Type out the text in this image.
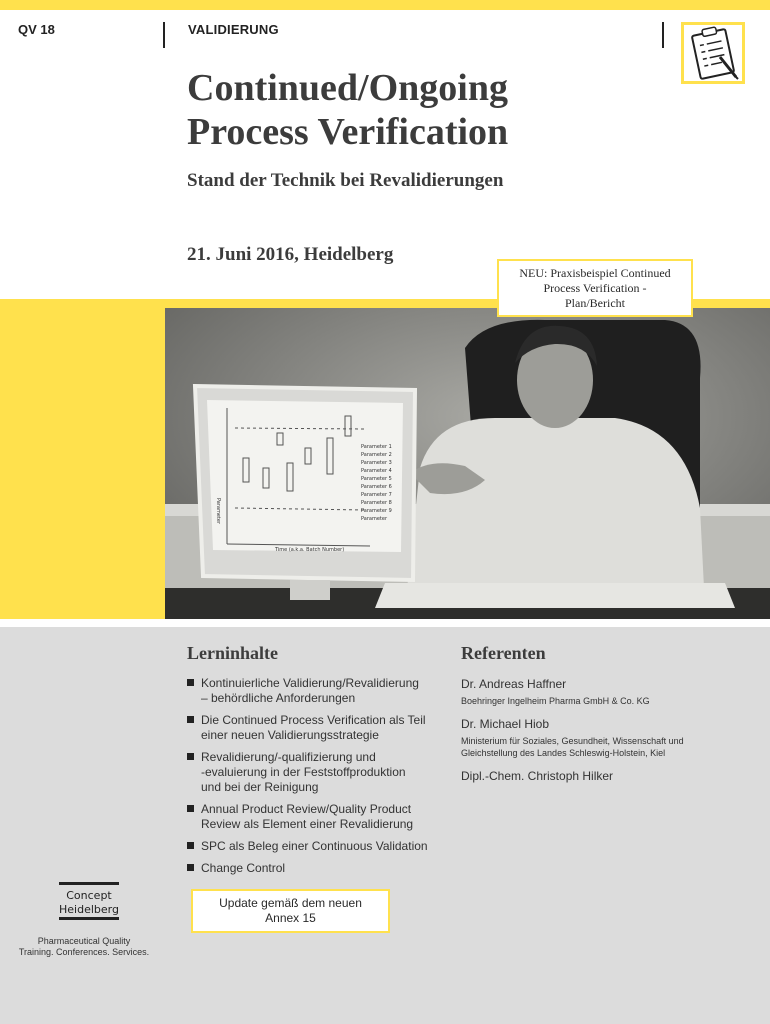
QV 18	VALIDIERUNG
Continued/Ongoing
Process Verification
Stand der Technik bei Revalidierungen
21. Juni 2016, Heidelberg
Parameter 1
Parameter 2
Parameter 3
Parameter 4
Parameter 5
Parameter 6
Parameter 7
Parameter 8
Parameter 9
Parameter
Time (a.k.a. Batch Number)
Parameter
NEU: Praxisbeispiel Continued
Process Verification -
Plan/Bericht
Lerninhalte	Referenten
Kontinuierliche Validierung/Revalidierung
– behördliche Anforderungen
Die Continued Process Verification als Teil
einer neuen Validierungsstrategie
Revalidierung/-qualifizierung und
-evaluierung in der Feststoffproduktion
und bei der Reinigung
Annual Product Review/Quality Product
Review als Element einer Revalidierung
SPC als Beleg einer Continuous Validation
Change Control
Dr. Andreas Haffner
Boehringer Ingelheim Pharma GmbH & Co. KG
Dr. Michael Hiob
Ministerium für Soziales, Gesundheit, Wissenschaft und
Gleichstellung des Landes Schleswig-Holstein, Kiel
Dipl.-Chem. Christoph Hilker
Concept
Heidelberg
Pharmaceutical Quality
Training. Conferences. Services.
Update gemäß dem neuen
Annex 15
